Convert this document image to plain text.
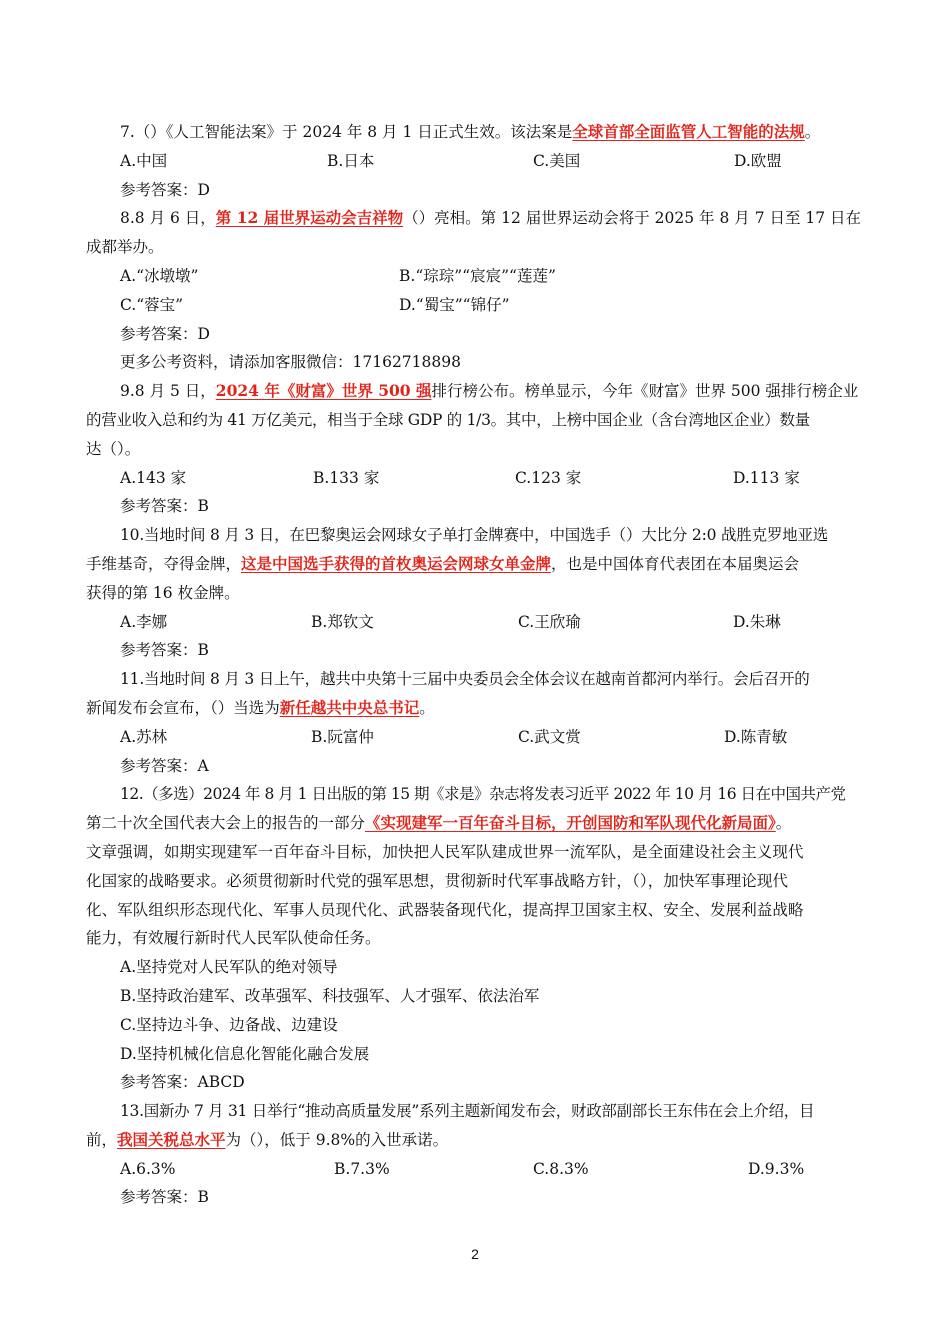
7.（）《人工智能法案》于 2024 年 8 月 1 日正式生效。该法案是全球首部全面监管人工智能的法规。
A.中国	B.日本	C.美国	D.欧盟
参考答案：D
8.8 月 6 日，第 12 届世界运动会吉祥物（）亮相。第 12 届世界运动会将于 2025 年 8 月 7 日至 17 日在
成都举办。
A.“冰墩墩”	B.“琮琮”“宸宸”“莲莲”
C.“蓉宝”	D.“蜀宝”“锦仔”
参考答案：D
更多公考资料，请添加客服微信：17162718898
9.8 月 5 日，2024 年《财富》世界 500 强排行榜公布。榜单显示，今年《财富》世界 500 强排行榜企业
的营业收入总和约为 41 万亿美元，相当于全球 GDP 的 1/3。其中，上榜中国企业（含台湾地区企业）数量
达（）。
A.143 家	B.133 家	C.123 家	D.113 家
参考答案：B
10.当地时间 8 月 3 日，在巴黎奥运会网球女子单打金牌赛中，中国选手（）大比分 2:0 战胜克罗地亚选
手维基奇，夺得金牌，这是中国选手获得的首枚奥运会网球女单金牌，也是中国体育代表团在本届奥运会
获得的第 16 枚金牌。
A.李娜	B.郑钦文	C.王欣瑜	D.朱琳
参考答案：B
11.当地时间 8 月 3 日上午，越共中央第十三届中央委员会全体会议在越南首都河内举行。会后召开的
新闻发布会宣布，（）当选为新任越共中央总书记。
A.苏林	B.阮富仲	C.武文赏	D.陈青敏
参考答案：A
12.（多选）2024 年 8 月 1 日出版的第 15 期《求是》杂志将发表习近平 2022 年 10 月 16 日在中国共产党
第二十次全国代表大会上的报告的一部分《实现建军一百年奋斗目标，开创国防和军队现代化新局面》。
文章强调，如期实现建军一百年奋斗目标，加快把人民军队建成世界一流军队，是全面建设社会主义现代
化国家的战略要求。必须贯彻新时代党的强军思想，贯彻新时代军事战略方针，（），加快军事理论现代
化、军队组织形态现代化、军事人员现代化、武器装备现代化，提高捍卫国家主权、安全、发展利益战略
能力，有效履行新时代人民军队使命任务。
A.坚持党对人民军队的绝对领导
B.坚持政治建军、改革强军、科技强军、人才强军、依法治军
C.坚持边斗争、边备战、边建设
D.坚持机械化信息化智能化融合发展
参考答案：ABCD
13.国新办 7 月 31 日举行“推动高质量发展”系列主题新闻发布会，财政部副部长王东伟在会上介绍，目
前，我国关税总水平为（），低于 9.8%的入世承诺。
A.6.3%	B.7.3%	C.8.3%	D.9.3%
参考答案：B
2
